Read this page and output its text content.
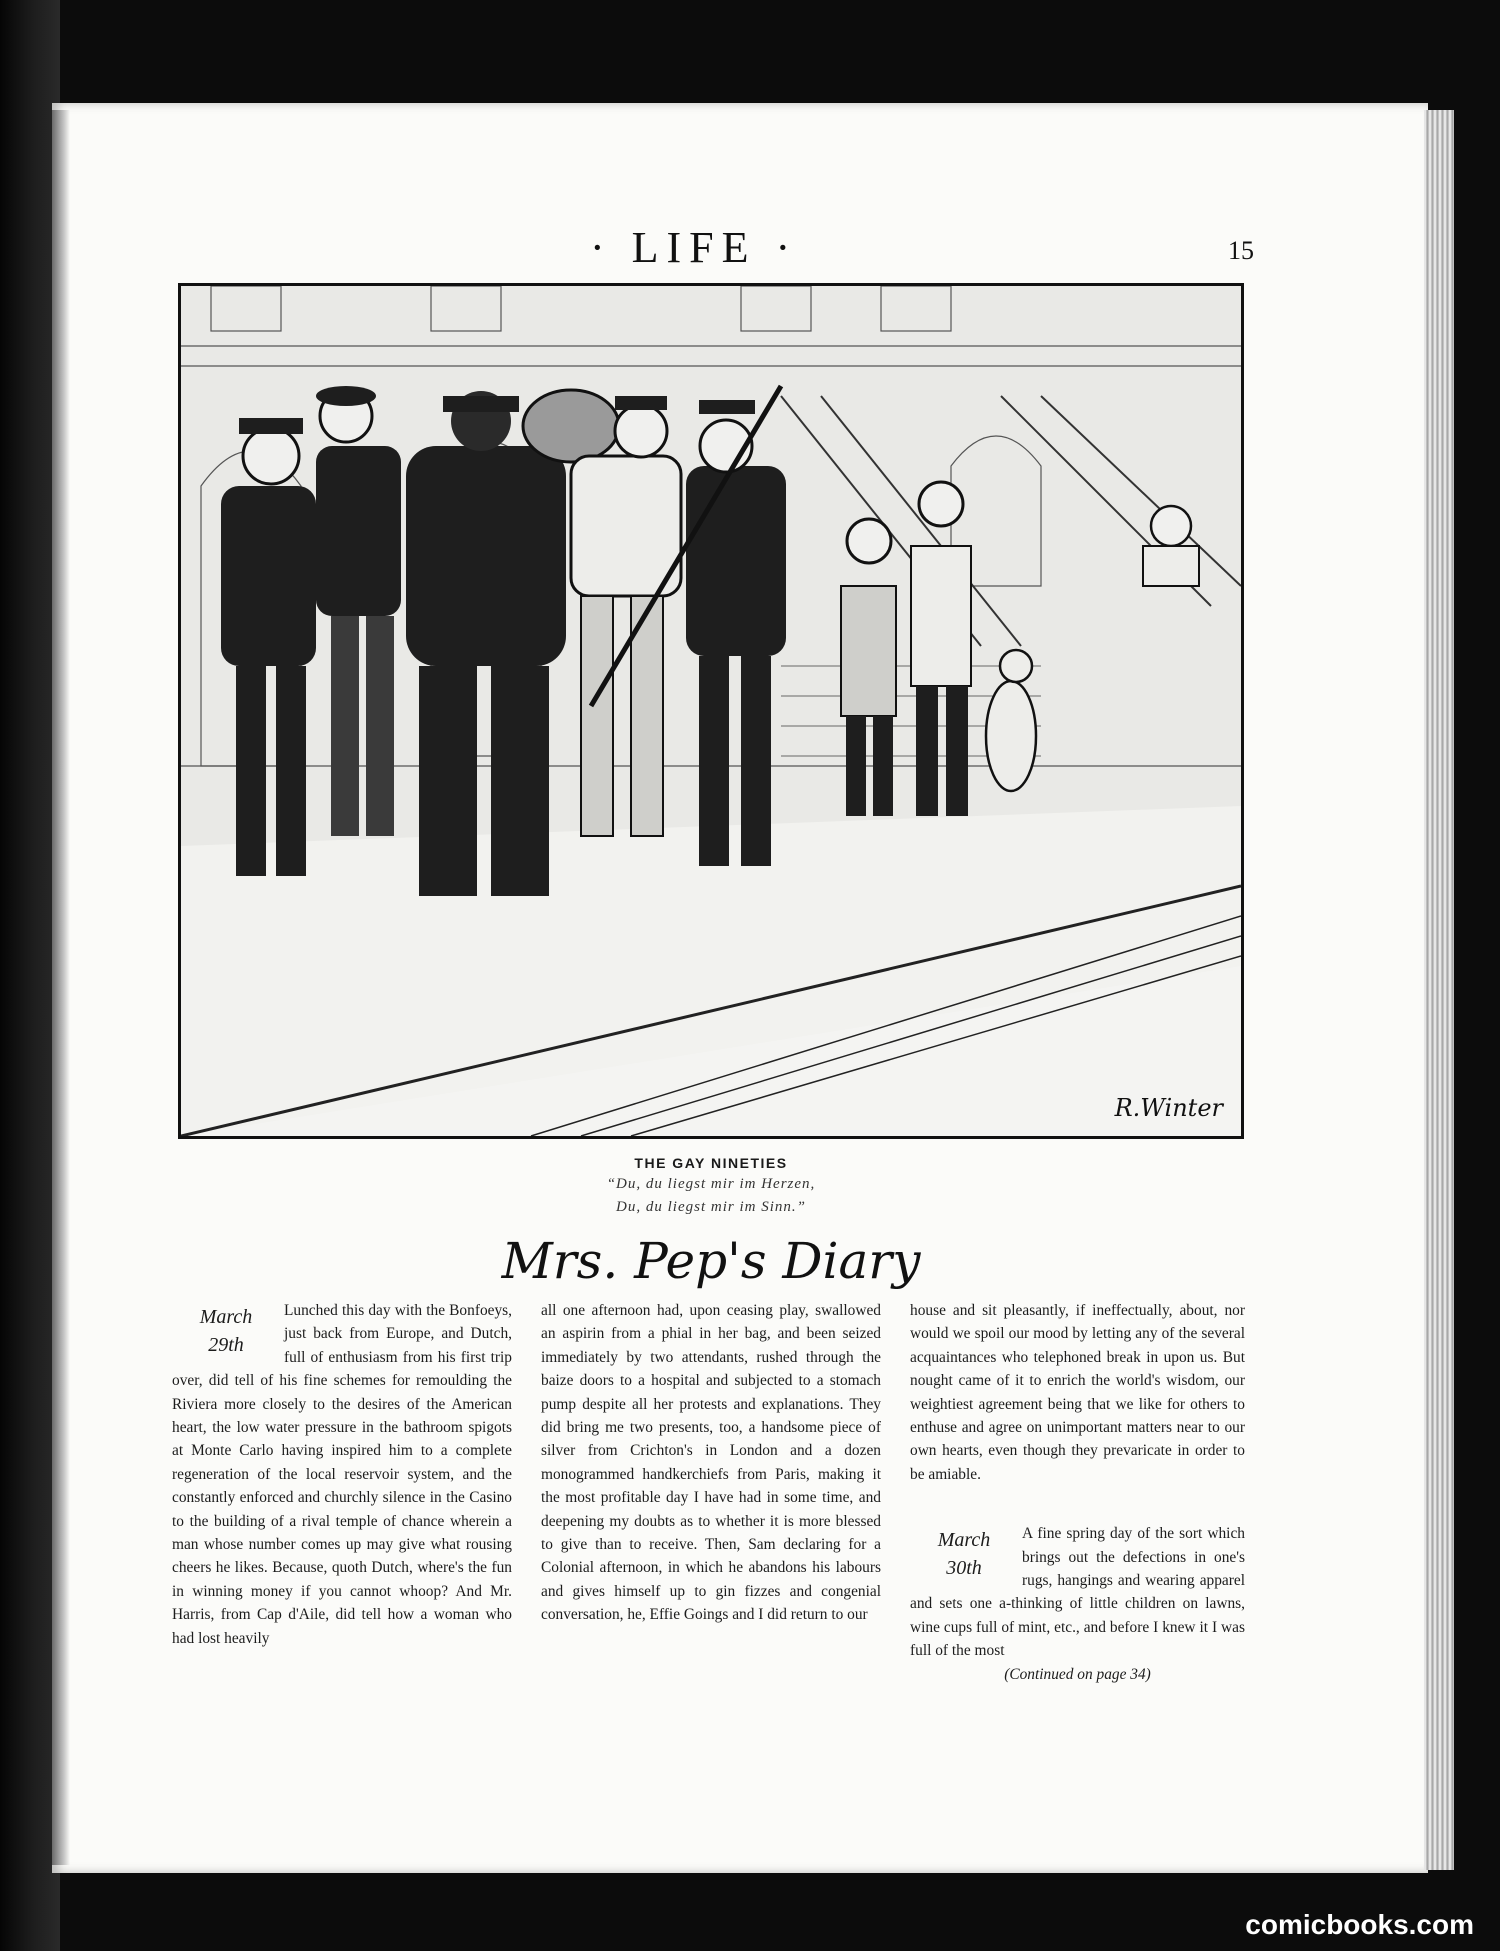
· LIFE ·	15
R.Winter
THE GAY NINETIES
“Du, du liegst mir im Herzen,
Du, du liegst mir im Sinn.”
Mrs. Pep's Diary
March
29th

Lunched this day with the Bonfoeys, just back from Europe, and Dutch, full of enthusiasm from his first trip over, did tell of his fine schemes for remoulding the Riviera more closely to the desires of the American heart, the low water pressure in the bathroom spigots at Monte Carlo having inspired him to a complete regeneration of the local reservoir system, and the constantly enforced and churchly silence in the Casino to the building of a rival temple of chance wherein a man whose number comes up may give what rousing cheers he likes. Because, quoth Dutch, where's the fun in winning money if you cannot whoop? And Mr. Harris, from Cap d'Aile, did tell how a woman who had lost heavily

all one afternoon had, upon ceasing play, swallowed an aspirin from a phial in her bag, and been seized immediately by two attendants, rushed through the baize doors to a hospital and subjected to a stomach pump despite all her protests and explanations. They did bring me two presents, too, a handsome piece of silver from Crichton's in London and a dozen monogrammed handkerchiefs from Paris, making it the most profitable day I have had in some time, and deepening my doubts as to whether it is more blessed to give than to receive. Then, Sam declaring for a Colonial afternoon, in which he abandons his labours and gives himself up to gin fizzes and congenial conversation, he, Effie Goings and I did return to our

house and sit pleasantly, if ineffectually, about, nor would we spoil our mood by letting any of the several acquaintances who telephoned break in upon us. But nought came of it to enrich the world's wisdom, our weightiest agreement being that we like for others to enthuse and agree on unimportant matters near to our own hearts, even though they prevaricate in order to be amiable.

March
30th

A fine spring day of the sort which brings out the defections in one's rugs, hangings and wearing apparel and sets one a-thinking of little children on lawns, wine cups full of mint, etc., and before I knew it I was full of the most

(Continued on page 34)

comicbooks.com
